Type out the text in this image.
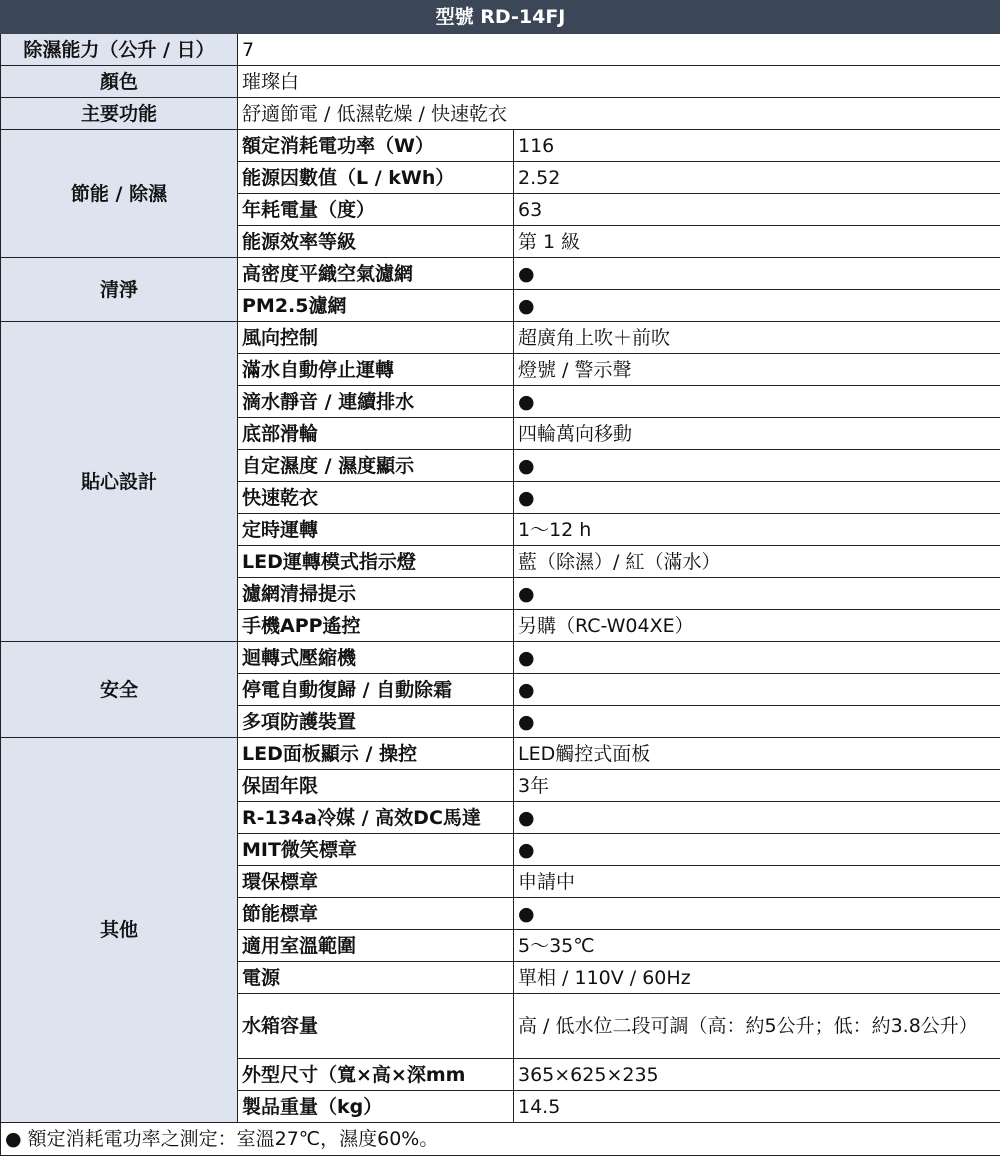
型號 RD-14FJ		
除濕能力（公升 / 日）	7	
顏色	璀璨白	
主要功能	舒適節電 / 低濕乾燥 / 快速乾衣	
節能 / 除濕	額定消耗電功率（W）	116
	能源因數值（L / kWh）	2.52
	年耗電量（度）	63
	能源效率等級	第 1 級
清淨	高密度平織空氣濾網	●
	PM2.5濾網	●
貼心設計	風向控制	超廣角上吹＋前吹
	滿水自動停止運轉	燈號 / 警示聲
	滴水靜音 / 連續排水	●
	底部滑輪	四輪萬向移動
	自定濕度 / 濕度顯示	●
	快速乾衣	●
	定時運轉	1～12 h
	LED運轉模式指示燈	藍（除濕）/ 紅（滿水）
	濾網清掃提示	●
	手機APP遙控	另購（RC-W04XE）
安全	迴轉式壓縮機	●
	停電自動復歸 / 自動除霜	●
	多項防護裝置	●
其他	LED面板顯示 / 操控	LED觸控式面板
	保固年限	3年
	R-134a冷媒 / 高效DC馬達	●
	MIT微笑標章	●
	環保標章	申請中
	節能標章	●
	適用室溫範圍	5～35℃
	電源	單相 / 110V / 60Hz
	水箱容量	高 / 低水位二段可調（高：約5公升；低：約3.8公升）
	外型尺寸（寬×高×深mm	365×625×235
	製品重量（kg）	14.5
● 額定消耗電功率之測定：室溫27℃，濕度60%。		
